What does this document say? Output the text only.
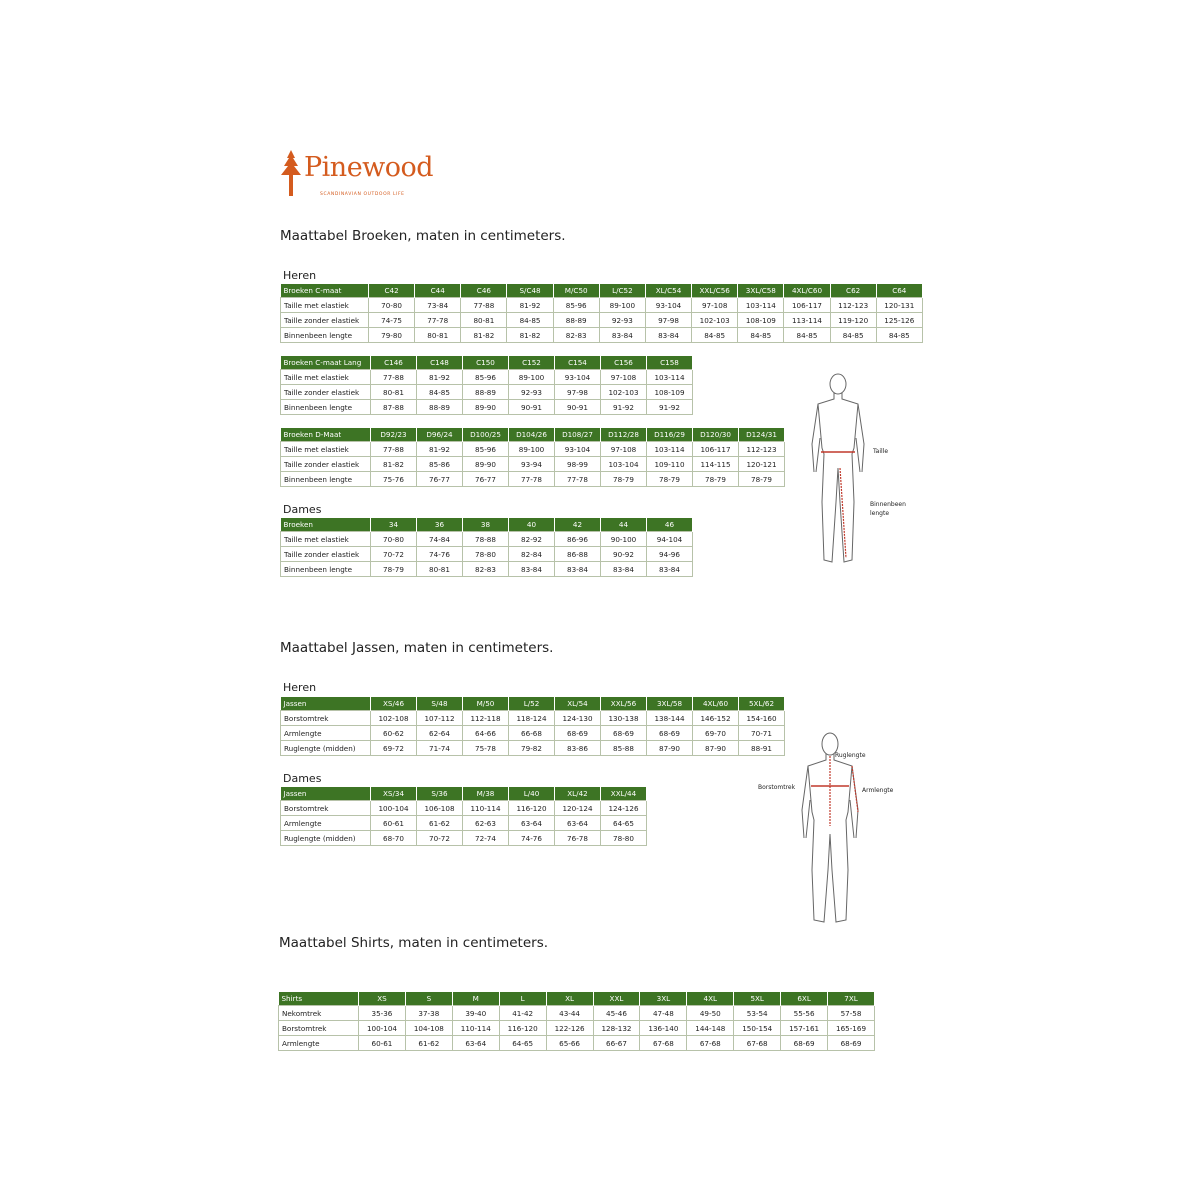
Pinewood
SCANDINAVIAN OUTDOOR LIFE
Maattabel Broeken, maten in centimeters.
Heren
Broeken C-maat	C42	C44	C46	S/C48	M/C50	L/C52	XL/C54	XXL/C56	3XL/C58	4XL/C60	C62	C64
Taille met elastiek	70-80	73-84	77-88	81-92	85-96	89-100	93-104	97-108	103-114	106-117	112-123	120-131
Taille zonder elastiek	74-75	77-78	80-81	84-85	88-89	92-93	97-98	102-103	108-109	113-114	119-120	125-126
Binnenbeen lengte	79-80	80-81	81-82	81-82	82-83	83-84	83-84	84-85	84-85	84-85	84-85	84-85
Broeken C-maat Lang	C146	C148	C150	C152	C154	C156	C158
Taille met elastiek	77-88	81-92	85-96	89-100	93-104	97-108	103-114
Taille zonder elastiek	80-81	84-85	88-89	92-93	97-98	102-103	108-109
Binnenbeen lengte	87-88	88-89	89-90	90-91	90-91	91-92	91-92
Broeken D-Maat	D92/23	D96/24	D100/25	D104/26	D108/27	D112/28	D116/29	D120/30	D124/31
Taille met elastiek	77-88	81-92	85-96	89-100	93-104	97-108	103-114	106-117	112-123
Taille zonder elastiek	81-82	85-86	89-90	93-94	98-99	103-104	109-110	114-115	120-121
Binnenbeen lengte	75-76	76-77	76-77	77-78	77-78	78-79	78-79	78-79	78-79
Dames
Broeken	34	36	38	40	42	44	46
Taille met elastiek	70-80	74-84	78-88	82-92	86-96	90-100	94-104
Taille zonder elastiek	70-72	74-76	78-80	82-84	86-88	90-92	94-96
Binnenbeen lengte	78-79	80-81	82-83	83-84	83-84	83-84	83-84
Taille
Binnenbeen
lengte
Maattabel Jassen, maten in centimeters.
Heren
Jassen	XS/46	S/48	M/50	L/52	XL/54	XXL/56	3XL/58	4XL/60	5XL/62
Borstomtrek	102-108	107-112	112-118	118-124	124-130	130-138	138-144	146-152	154-160
Armlengte	60-62	62-64	64-66	66-68	68-69	68-69	68-69	69-70	70-71
Ruglengte (midden)	69-72	71-74	75-78	79-82	83-86	85-88	87-90	87-90	88-91
Dames
Jassen	XS/34	S/36	M/38	L/40	XL/42	XXL/44
Borstomtrek	100-104	106-108	110-114	116-120	120-124	124-126
Armlengte	60-61	61-62	62-63	63-64	63-64	64-65
Ruglengte (midden)	68-70	70-72	72-74	74-76	76-78	78-80
Ruglengte
Borstomtrek	Armlengte
Maattabel Shirts, maten in centimeters.
Shirts	XS	S	M	L	XL	XXL	3XL	4XL	5XL	6XL	7XL
Nekomtrek	35-36	37-38	39-40	41-42	43-44	45-46	47-48	49-50	53-54	55-56	57-58
Borstomtrek	100-104	104-108	110-114	116-120	122-126	128-132	136-140	144-148	150-154	157-161	165-169
Armlengte	60-61	61-62	63-64	64-65	65-66	66-67	67-68	67-68	67-68	68-69	68-69
